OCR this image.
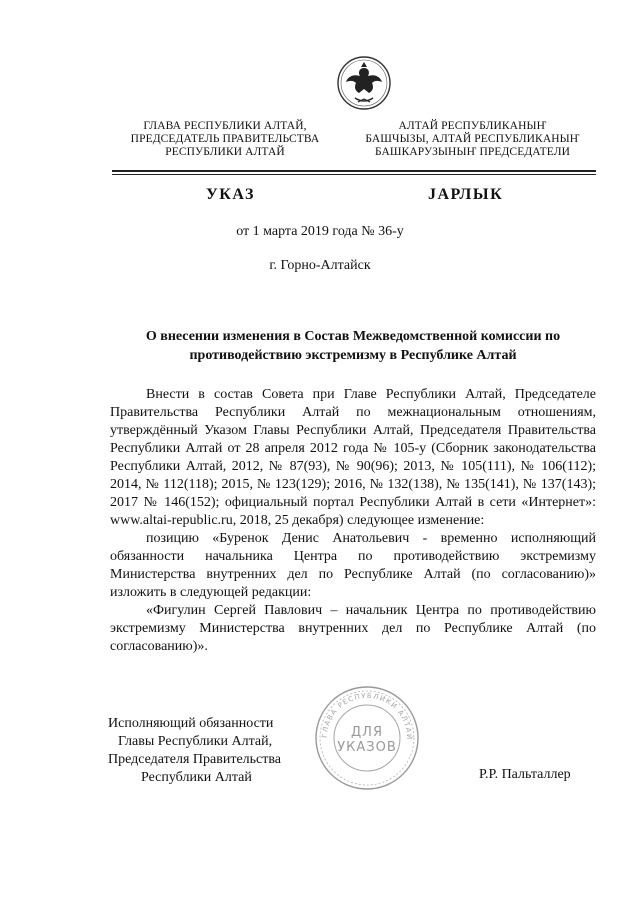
ГЛАВА РЕСПУБЛИКИ АЛТАЙ,
ПРЕДСЕДАТЕЛЬ ПРАВИТЕЛЬСТВА
РЕСПУБЛИКИ АЛТАЙ
АЛТАЙ РЕСПУБЛИКАНЫҤ
БАШЧЫЗЫ, АЛТАЙ РЕСПУБЛИКАНЫҤ
БАШКАРУЗЫНЫҤ ПРЕДСЕДАТЕЛИ
УКАЗ	ЈАРЛЫК
от 1 марта 2019 года № 36-у
г. Горно-Алтайск
О внесении изменения в Состав Межведомственной комиссии по
противодействию экстремизму в Республике Алтай

Внести в состав Совета при Главе Республики Алтай, Председателе Правительства Республики Алтай по межнациональным отношениям, утверждённый Указом Главы Республики Алтай, Председателя Правительства Республики Алтай от 28 апреля 2012 года № 105-у (Сборник законодательства Республики Алтай, 2012, № 87(93), № 90(96); 2013, № 105(111), № 106(112); 2014, № 112(118); 2015, № 123(129); 2016, № 132(138), № 135(141), № 137(143); 2017 № 146(152); официальный портал Республики Алтай в сети «Интернет»: www.altai-republic.ru, 2018, 25 декабря) следующее изменение:

позицию «Буренок Денис Анатольевич - временно исполняющий обязанности начальника Центра по противодействию экстремизму Министерства внутренних дел по Республике Алтай (по согласованию)» изложить в следующей редакции:

«Фигулин Сергей Павлович – начальник Центра по противодействию экстремизму Министерства внутренних дел по Республике Алтай (по согласованию)».

ГЛАВА РЕСПУБЛИКИ АЛТАЙ
ДЛЯ
УКАЗОВ
Исполняющий обязанности
Главы Республики Алтай,
Председателя Правительства
Республики Алтай	Р.Р. Пальталлер
